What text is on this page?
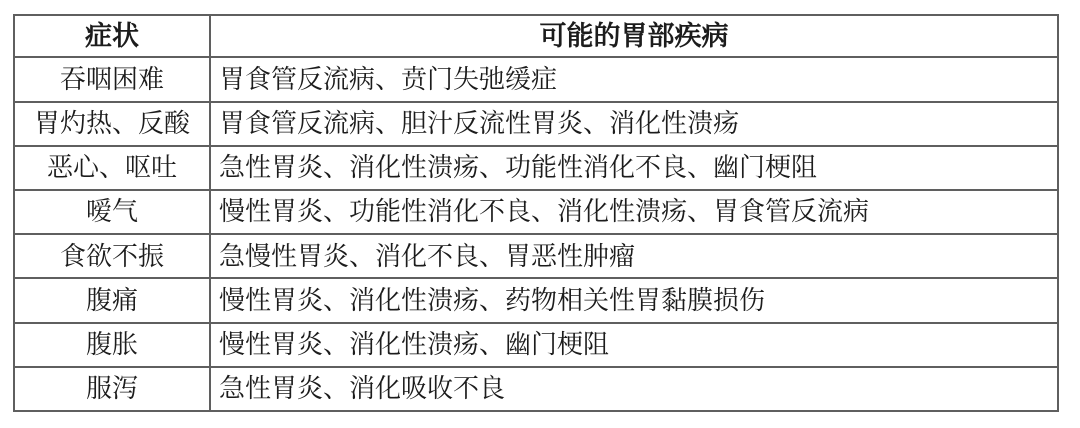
症状	可能的胃部疾病
吞咽困难	胃食管反流病、贲门失弛缓症
胃灼热、反酸	胃食管反流病、胆汁反流性胃炎、消化性溃疡
恶心、呕吐	急性胃炎、消化性溃疡、功能性消化不良、幽门梗阻
嗳气	慢性胃炎、功能性消化不良、消化性溃疡、胃食管反流病
食欲不振	急慢性胃炎、消化不良、胃恶性肿瘤
腹痛	慢性胃炎、消化性溃疡、药物相关性胃黏膜损伤
腹胀	慢性胃炎、消化性溃疡、幽门梗阻
服泻	急性胃炎、消化吸收不良
